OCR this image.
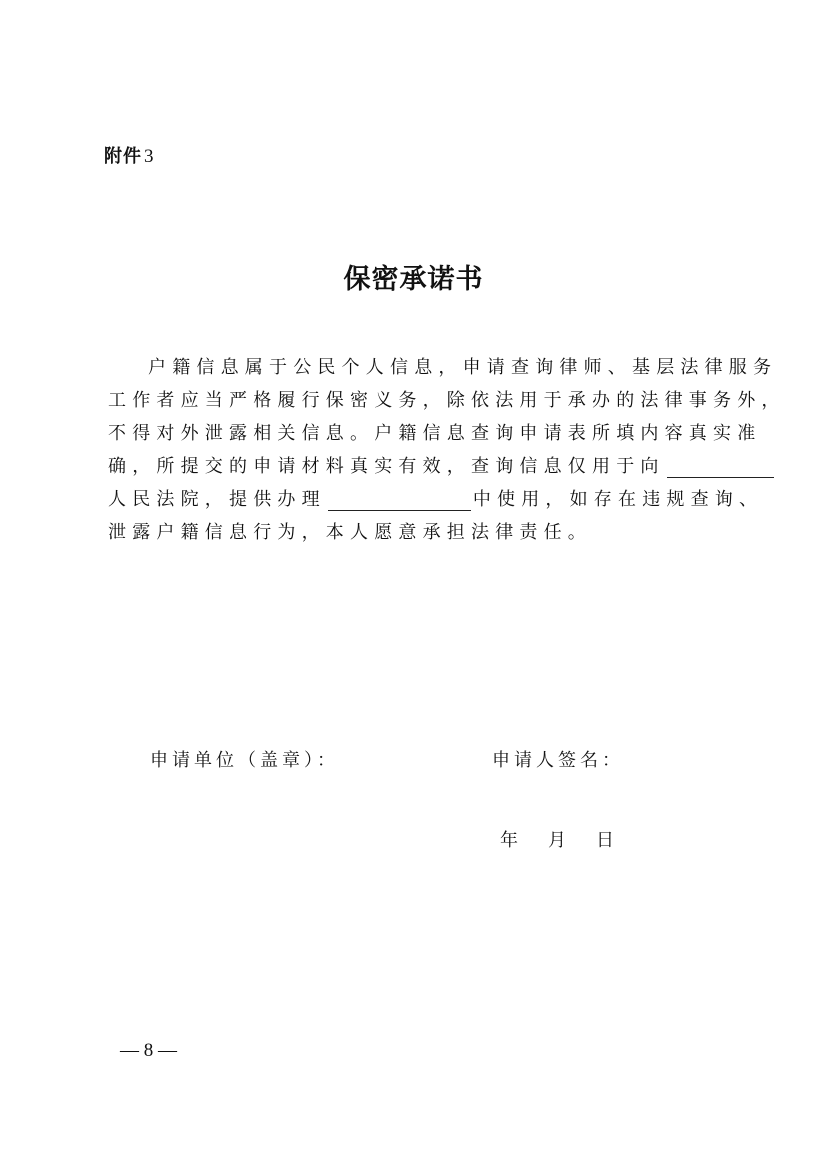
附件 3
保密承诺书
户籍信息属于公民个人信息，申请查询律师、基层法律服务
工作者应当严格履行保密义务，除依法用于承办的法律事务外，
不得对外泄露相关信息。户籍信息查询申请表所填内容真实准
确，所提交的申请材料真实有效，查询信息仅用于向
人民法院，提供办理	中使用，如存在违规查询、
泄露户籍信息行为，本人愿意承担法律责任。
申请单位（盖章）：	申请人签名：
年 月 日
— 8 —
